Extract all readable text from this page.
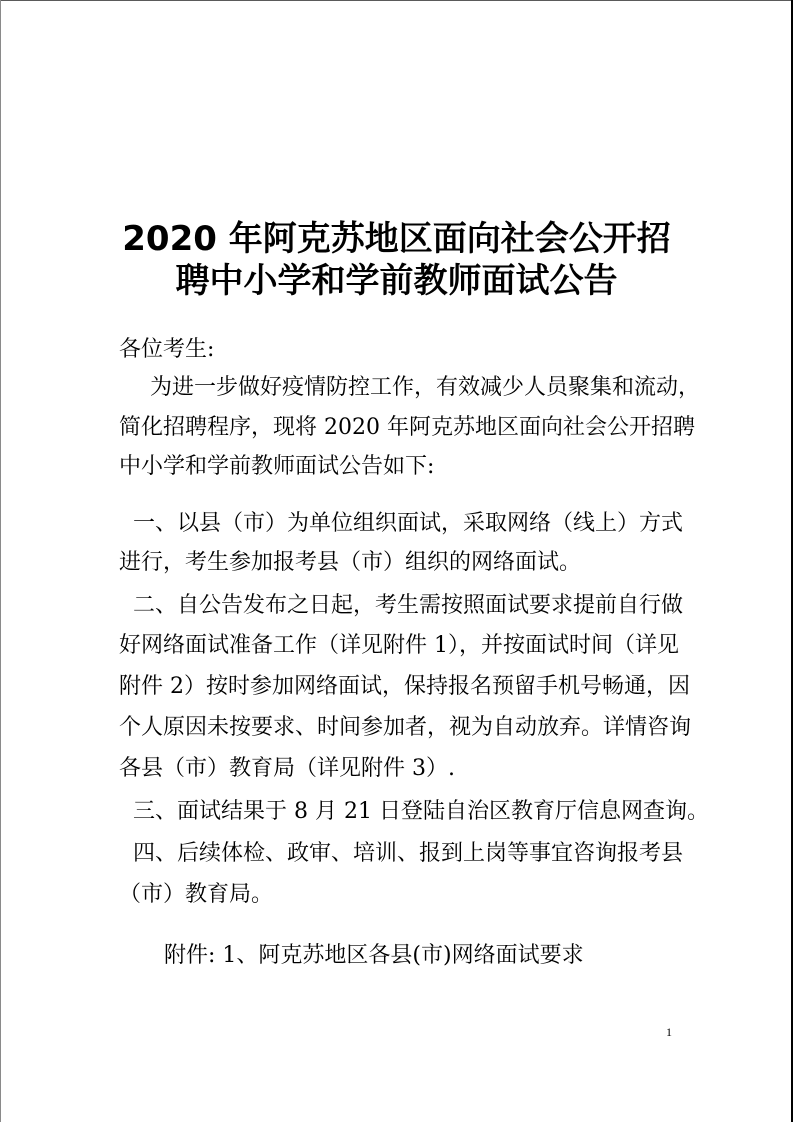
2020 年阿克苏地区面向社会公开招
聘中小学和学前教师面试公告

各位考生:

为进一步做好疫情防控工作，有效减少人员聚集和流动，

简化招聘程序，现将 2020 年阿克苏地区面向社会公开招聘

中小学和学前教师面试公告如下:

一、以县（市）为单位组织面试，采取网络（线上）方式

进行，考生参加报考县（市）组织的网络面试。

二、自公告发布之日起，考生需按照面试要求提前自行做

好网络面试准备工作（详见附件 1），并按面试时间（详见

附件 2）按时参加网络面试，保持报名预留手机号畅通，因

个人原因未按要求、时间参加者，视为自动放弃。详情咨询

各县（市）教育局（详见附件 3）.

三、面试结果于 8 月 21 日登陆自治区教育厅信息网查询。

四、后续体检、政审、培训、报到上岗等事宜咨询报考县

（市）教育局。

附件: 1、阿克苏地区各县(市)网络面试要求

1
